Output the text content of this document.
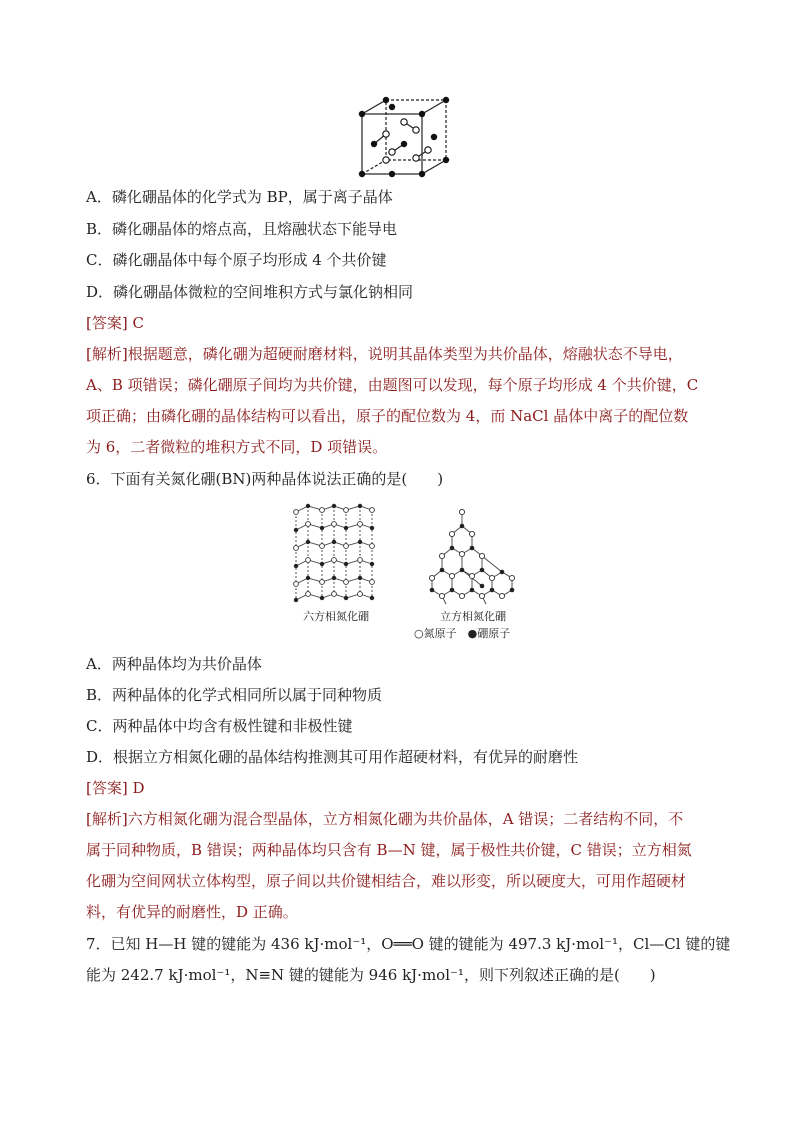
A．磷化硼晶体的化学式为 BP，属于离子晶体
B．磷化硼晶体的熔点高，且熔融状态下能导电
C．磷化硼晶体中每个原子均形成 4 个共价键
D．磷化硼晶体微粒的空间堆积方式与氯化钠相同
[答案] C
[解析]根据题意，磷化硼为超硬耐磨材料，说明其晶体类型为共价晶体，熔融状态不导电，
A、B 项错误；磷化硼原子间均为共价键，由题图可以发现，每个原子均形成 4 个共价键，C
项正确；由磷化硼的晶体结构可以看出，原子的配位数为 4，而 NaCl 晶体中离子的配位数
为 6，二者微粒的堆积方式不同，D 项错误。
6．下面有关氮化硼(BN)两种晶体说法正确的是(　　)
六方相氮化硼	立方相氮化硼
○氮原子　●硼原子
A．两种晶体均为共价晶体
B．两种晶体的化学式相同所以属于同种物质
C．两种晶体中均含有极性键和非极性键
D．根据立方相氮化硼的晶体结构推测其可用作超硬材料，有优异的耐磨性
[答案] D
[解析]六方相氮化硼为混合型晶体，立方相氮化硼为共价晶体，A 错误；二者结构不同，不
属于同种物质，B 错误；两种晶体均只含有 B—N 键，属于极性共价键，C 错误；立方相氮
化硼为空间网状立体构型，原子间以共价键相结合，难以形变，所以硬度大，可用作超硬材
料，有优异的耐磨性，D 正确。
7．已知 H—H 键的键能为 436 kJ·mol⁻¹，O══O 键的键能为 497.3 kJ·mol⁻¹，Cl—Cl 键的键
能为 242.7 kJ·mol⁻¹，N≡N 键的键能为 946 kJ·mol⁻¹，则下列叙述正确的是(　　)
